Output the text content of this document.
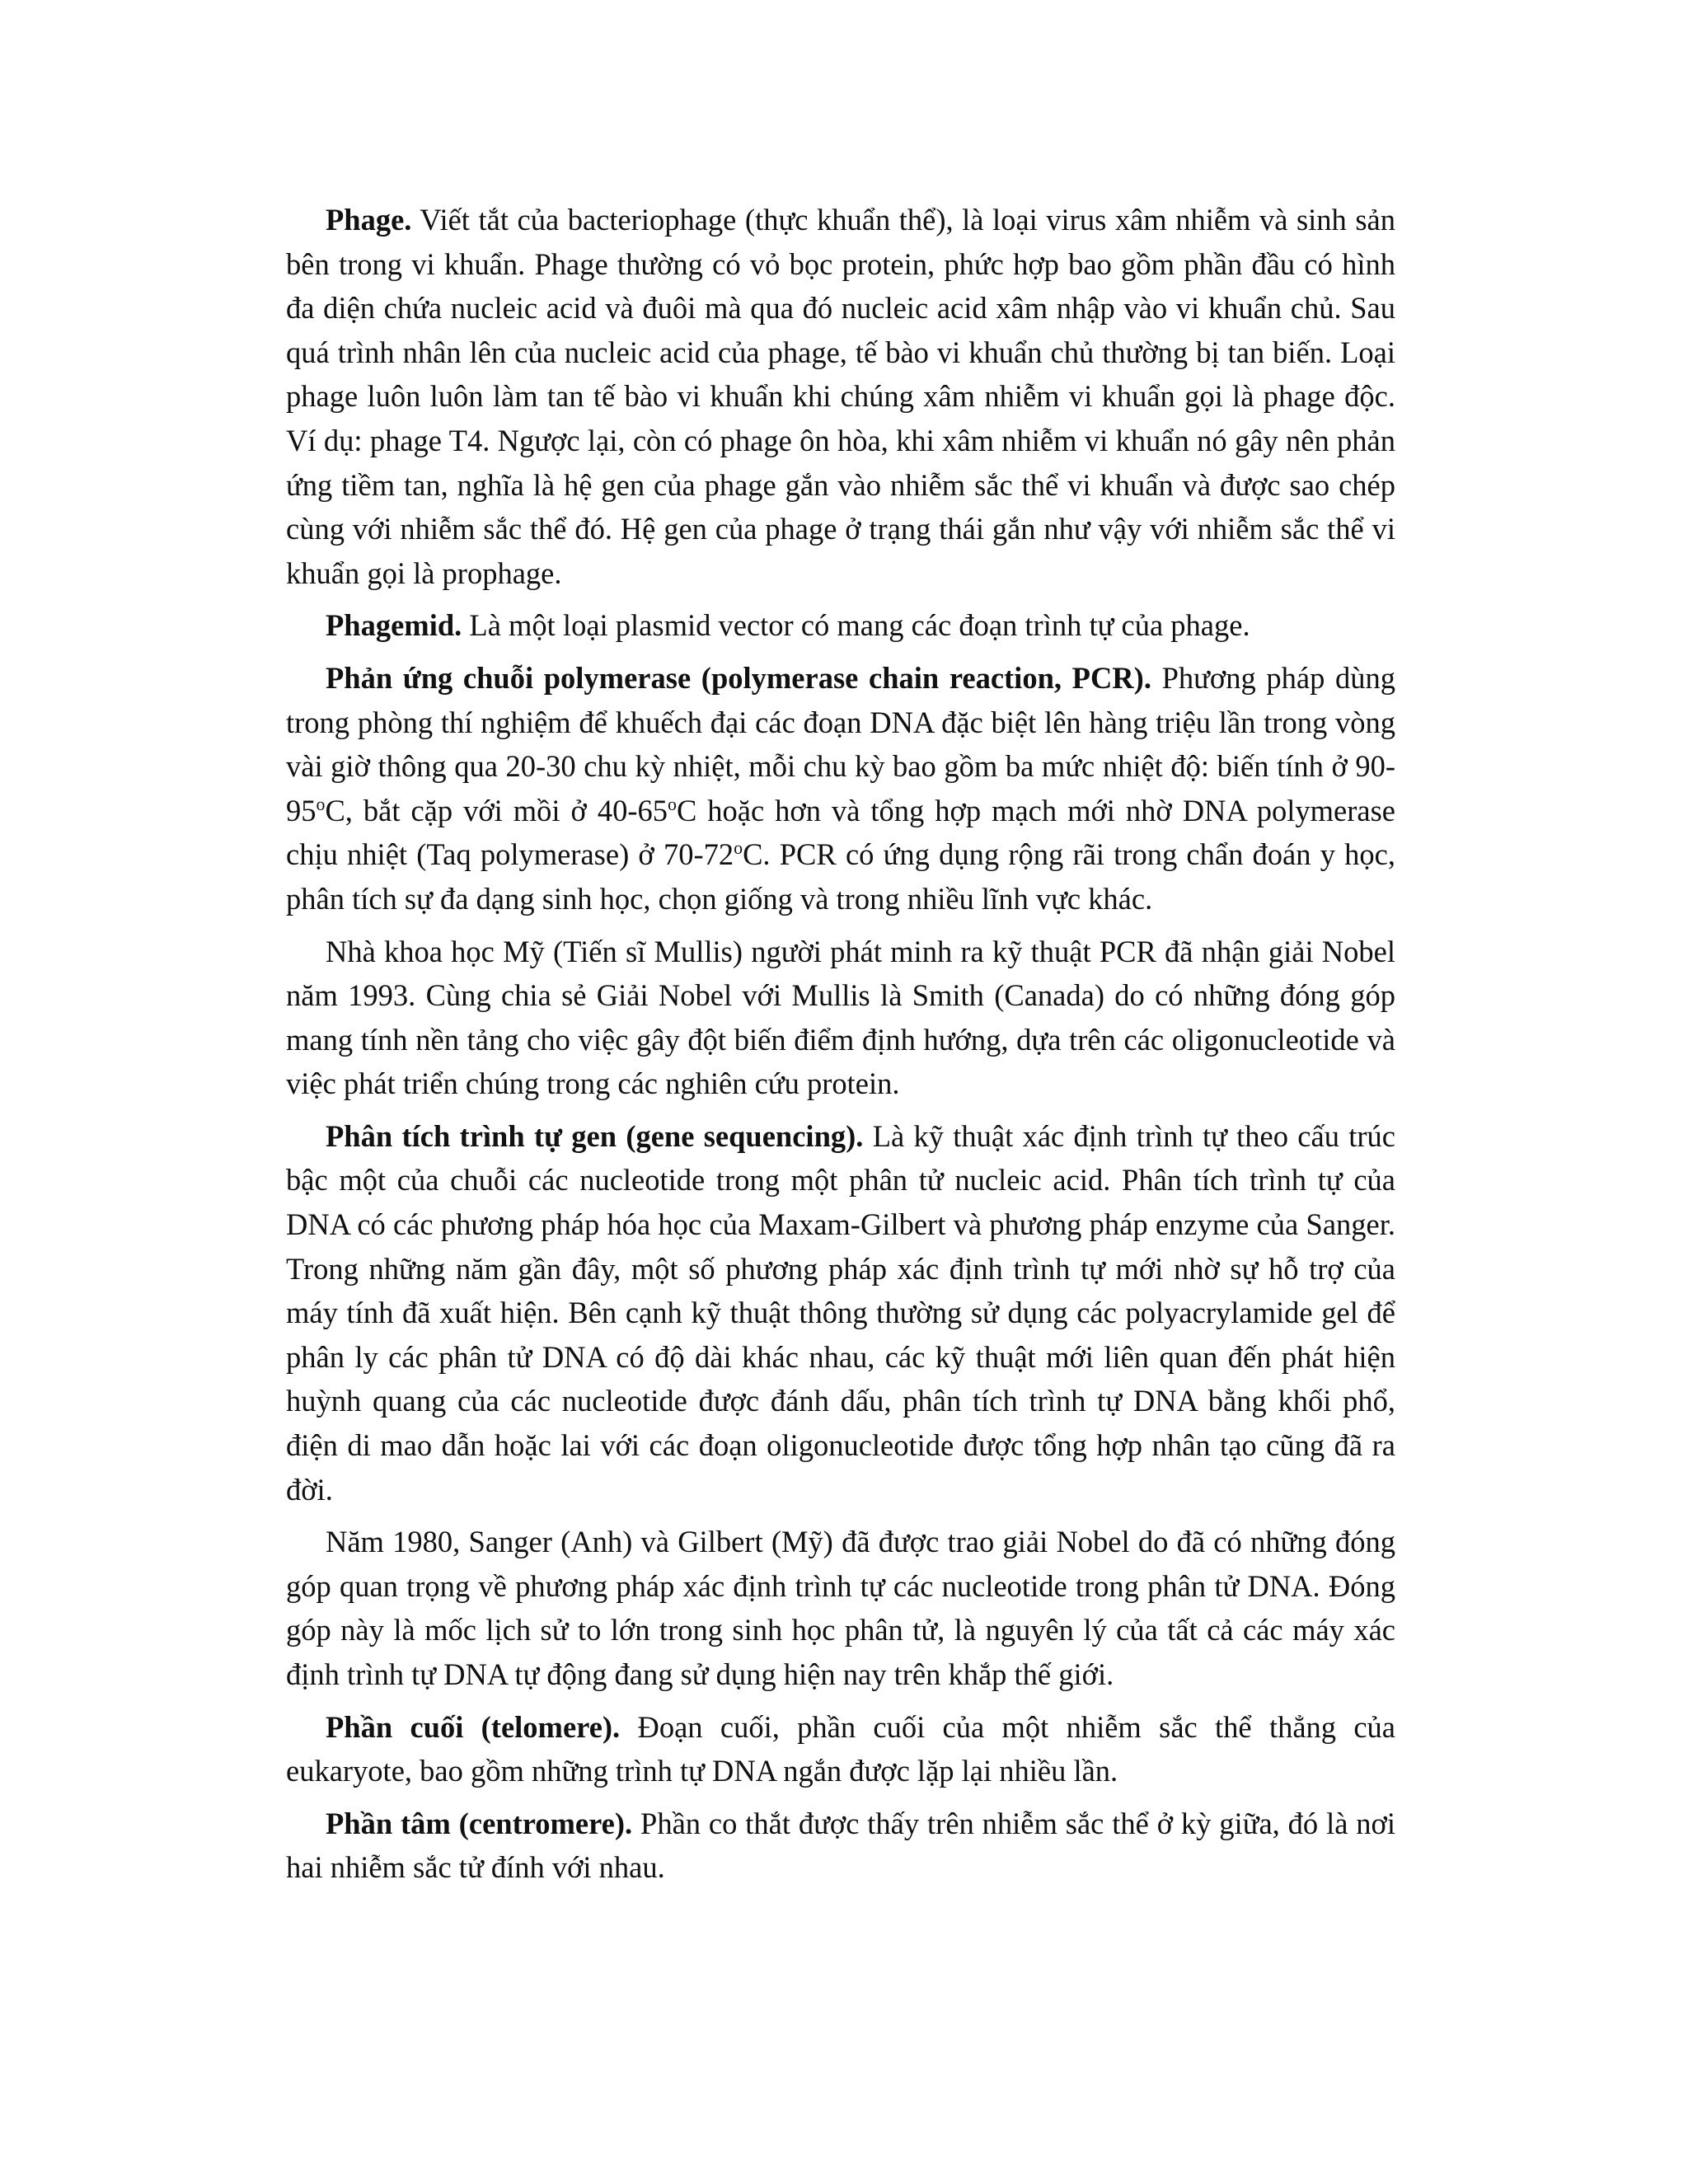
Phage. Viết tắt của bacteriophage (thực khuẩn thể), là loại virus xâm nhiễm và sinh sản bên trong vi khuẩn. Phage thường có vỏ bọc protein, phức hợp bao gồm phần đầu có hình đa diện chứa nucleic acid và đuôi mà qua đó nucleic acid xâm nhập vào vi khuẩn chủ. Sau quá trình nhân lên của nucleic acid của phage, tế bào vi khuẩn chủ thường bị tan biến. Loại phage luôn luôn làm tan tế bào vi khuẩn khi chúng xâm nhiễm vi khuẩn gọi là phage độc. Ví dụ: phage T4. Ngược lại, còn có phage ôn hòa, khi xâm nhiễm vi khuẩn nó gây nên phản ứng tiềm tan, nghĩa là hệ gen của phage gắn vào nhiễm sắc thể vi khuẩn và được sao chép cùng với nhiễm sắc thể đó. Hệ gen của phage ở trạng thái gắn như vậy với nhiễm sắc thể vi khuẩn gọi là prophage.

Phagemid. Là một loại plasmid vector có mang các đoạn trình tự của phage.

Phản ứng chuỗi polymerase (polymerase chain reaction, PCR). Phương pháp dùng trong phòng thí nghiệm để khuếch đại các đoạn DNA đặc biệt lên hàng triệu lần trong vòng vài giờ thông qua 20-30 chu kỳ nhiệt, mỗi chu kỳ bao gồm ba mức nhiệt độ: biến tính ở 90-95$^o$C, bắt cặp với mồi ở 40-65$^o$C hoặc hơn và tổng hợp mạch mới nhờ DNA polymerase chịu nhiệt (Taq polymerase) ở 70-72$^o$C. PCR có ứng dụng rộng rãi trong chẩn đoán y học, phân tích sự đa dạng sinh học, chọn giống và trong nhiều lĩnh vực khác.

Nhà khoa học Mỹ (Tiến sĩ Mullis) người phát minh ra kỹ thuật PCR đã nhận giải Nobel năm 1993. Cùng chia sẻ Giải Nobel với Mullis là Smith (Canada) do có những đóng góp mang tính nền tảng cho việc gây đột biến điểm định hướng, dựa trên các oligonucleotide và việc phát triển chúng trong các nghiên cứu protein.

Phân tích trình tự gen (gene sequencing). Là kỹ thuật xác định trình tự theo cấu trúc bậc một của chuỗi các nucleotide trong một phân tử nucleic acid. Phân tích trình tự của DNA có các phương pháp hóa học của Maxam-Gilbert và phương pháp enzyme của Sanger. Trong những năm gần đây, một số phương pháp xác định trình tự mới nhờ sự hỗ trợ của máy tính đã xuất hiện. Bên cạnh kỹ thuật thông thường sử dụng các polyacrylamide gel để phân ly các phân tử DNA có độ dài khác nhau, các kỹ thuật mới liên quan đến phát hiện huỳnh quang của các nucleotide được đánh dấu, phân tích trình tự DNA bằng khối phổ, điện di mao dẫn hoặc lai với các đoạn oligonucleotide được tổng hợp nhân tạo cũng đã ra đời.

Năm 1980, Sanger (Anh) và Gilbert (Mỹ) đã được trao giải Nobel do đã có những đóng góp quan trọng về phương pháp xác định trình tự các nucleotide trong phân tử DNA. Đóng góp này là mốc lịch sử to lớn trong sinh học phân tử, là nguyên lý của tất cả các máy xác định trình tự DNA tự động đang sử dụng hiện nay trên khắp thế giới.

Phần cuối (telomere). Đoạn cuối, phần cuối của một nhiễm sắc thể thẳng của eukaryote, bao gồm những trình tự DNA ngắn được lặp lại nhiều lần.

Phần tâm (centromere). Phần co thắt được thấy trên nhiễm sắc thể ở kỳ giữa, đó là nơi hai nhiễm sắc tử đính với nhau.
